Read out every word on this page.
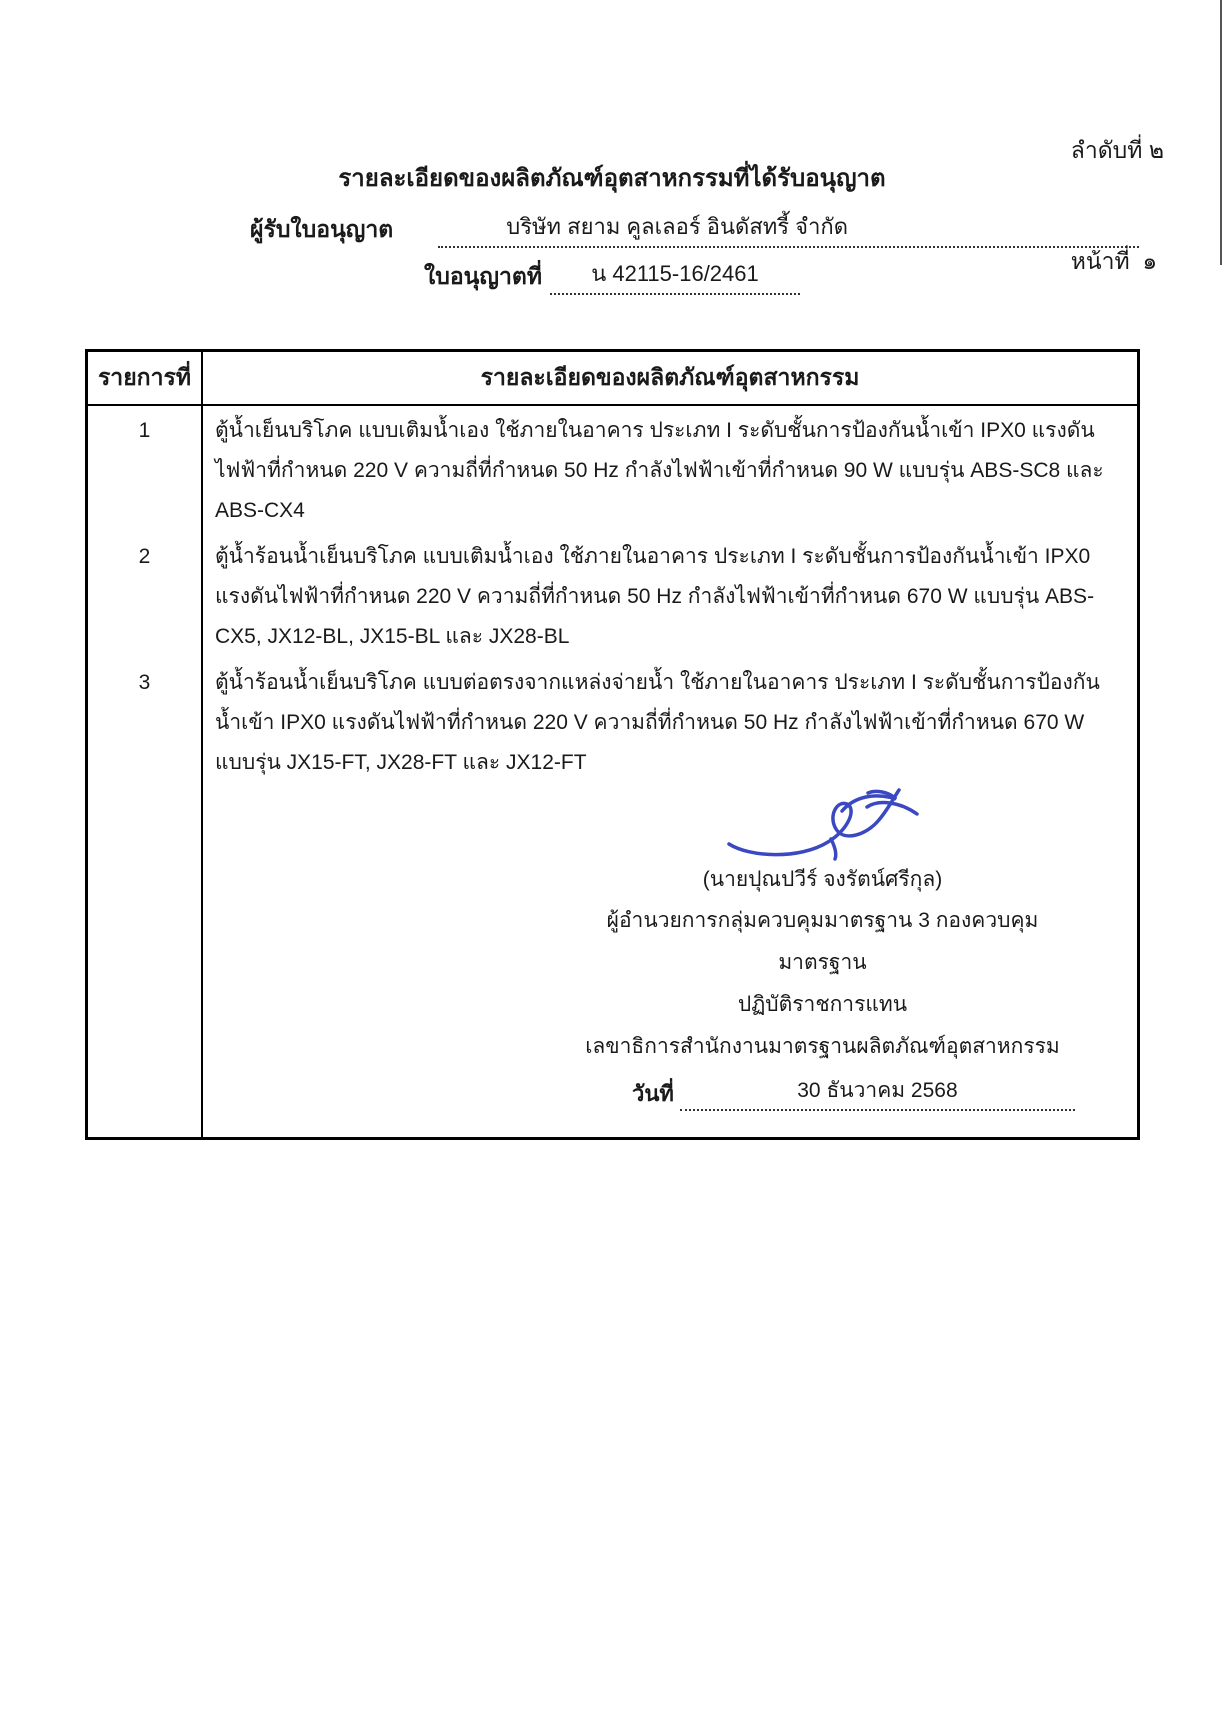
ลำดับที่ ๒

หน้าที่  ๑

รายละเอียดของผลิตภัณฑ์อุตสาหกรรมที่ได้รับอนุญาต
ผู้รับใบอนุญาต	บริษัท สยาม คูลเลอร์ อินดัสทรี้ จำกัด
ใบอนุญาตที่	น 42115-16/2461
รายการที่	รายละเอียดของผลิตภัณฑ์อุตสาหกรรม
1	ตู้น้ำเย็นบริโภค แบบเติมน้ำเอง ใช้ภายในอาคาร ประเภท I ระดับชั้นการป้องกันน้ำเข้า IPX0 แรงดันไฟฟ้าที่กำหนด 220 V ความถี่ที่กำหนด 50 Hz กำลังไฟฟ้าเข้าที่กำหนด 90 W แบบรุ่น ABS-SC8 และ ABS-CX4
2	ตู้น้ำร้อนน้ำเย็นบริโภค แบบเติมน้ำเอง ใช้ภายในอาคาร ประเภท I ระดับชั้นการป้องกันน้ำเข้า IPX0 แรงดันไฟฟ้าที่กำหนด 220 V ความถี่ที่กำหนด 50 Hz กำลังไฟฟ้าเข้าที่กำหนด 670 W แบบรุ่น ABS-CX5, JX12-BL, JX15-BL และ JX28-BL
3	ตู้น้ำร้อนน้ำเย็นบริโภค แบบต่อตรงจากแหล่งจ่ายน้ำ ใช้ภายในอาคาร ประเภท I ระดับชั้นการป้องกันน้ำเข้า IPX0 แรงดันไฟฟ้าที่กำหนด 220 V ความถี่ที่กำหนด 50 Hz กำลังไฟฟ้าเข้าที่กำหนด 670 W แบบรุ่น JX15-FT, JX28-FT และ JX12-FT
(นายปุณปวีร์ จงรัตน์ศรีกุล)
ผู้อำนวยการกลุ่มควบคุมมาตรฐาน 3 กองควบคุมมาตรฐาน
ปฏิบัติราชการแทน
เลขาธิการสำนักงานมาตรฐานผลิตภัณฑ์อุตสาหกรรม
วันที่	30 ธันวาคม 2568
